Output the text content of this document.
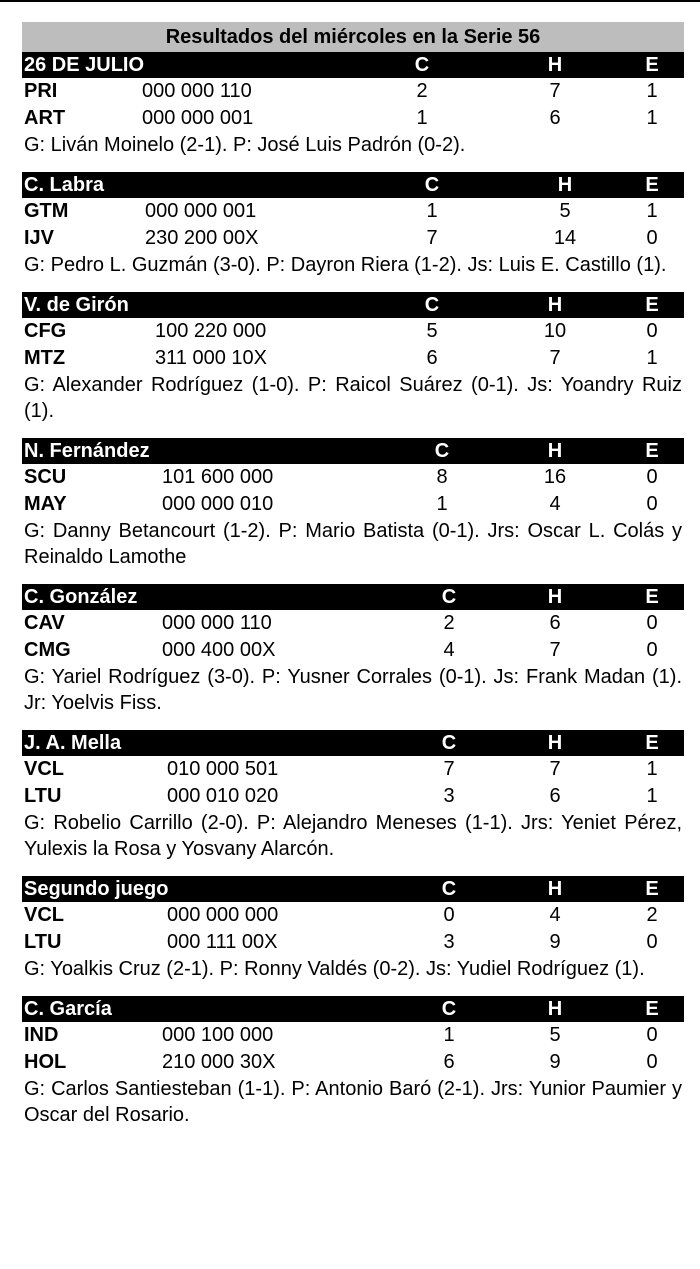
Resultados del miércoles en la Serie 56
26 DE JULIO	C	H	E
PRI	000 000 110	2	7	1
ART	000 000 001	1	6	1
G: Liván Moinelo (2-1). P: José Luis Padrón (0-2).
C. Labra	C	H	E
GTM	000 000 001	1	5	1
IJV	230 200 00X	7	14	0
G: Pedro L. Guzmán (3-0). P: Dayron Riera (1-2). Js: Luis E. Castillo (1).
V. de Girón	C	H	E
CFG	100 220 000	5	10	0
MTZ	311 000 10X	6	7	1
G: Alexander Rodríguez (1-0). P: Raicol Suárez (0-1). Js: Yoandry Ruiz (1).
N. Fernández	C	H	E
SCU	101 600 000	8	16	0
MAY	000 000 010	1	4	0
G: Danny Betancourt (1-2). P: Mario Batista (0-1). Jrs: Oscar L. Colás y Reinaldo Lamothe
C. González	C	H	E
CAV	000 000 110	2	6	0
CMG	000 400 00X	4	7	0
G: Yariel Rodríguez (3-0). P: Yusner Corrales (0-1). Js: Frank Madan (1). Jr: Yoelvis Fiss.
J. A. Mella	C	H	E
VCL	010 000 501	7	7	1
LTU	000 010 020	3	6	1
G: Robelio Carrillo (2-0). P: Alejandro Meneses (1-1). Jrs: Yeniet Pérez, Yulexis la Rosa y Yosvany Alarcón.
Segundo juego	C	H	E
VCL	000 000 000	0	4	2
LTU	000 111 00X	3	9	0
G: Yoalkis Cruz (2-1). P: Ronny Valdés (0-2). Js: Yudiel Rodríguez (1).
C. García	C	H	E
IND	000 100 000	1	5	0
HOL	210 000 30X	6	9	0
G: Carlos Santiesteban (1-1). P: Antonio Baró (2-1). Jrs: Yunior Paumier y Oscar del Rosario.
